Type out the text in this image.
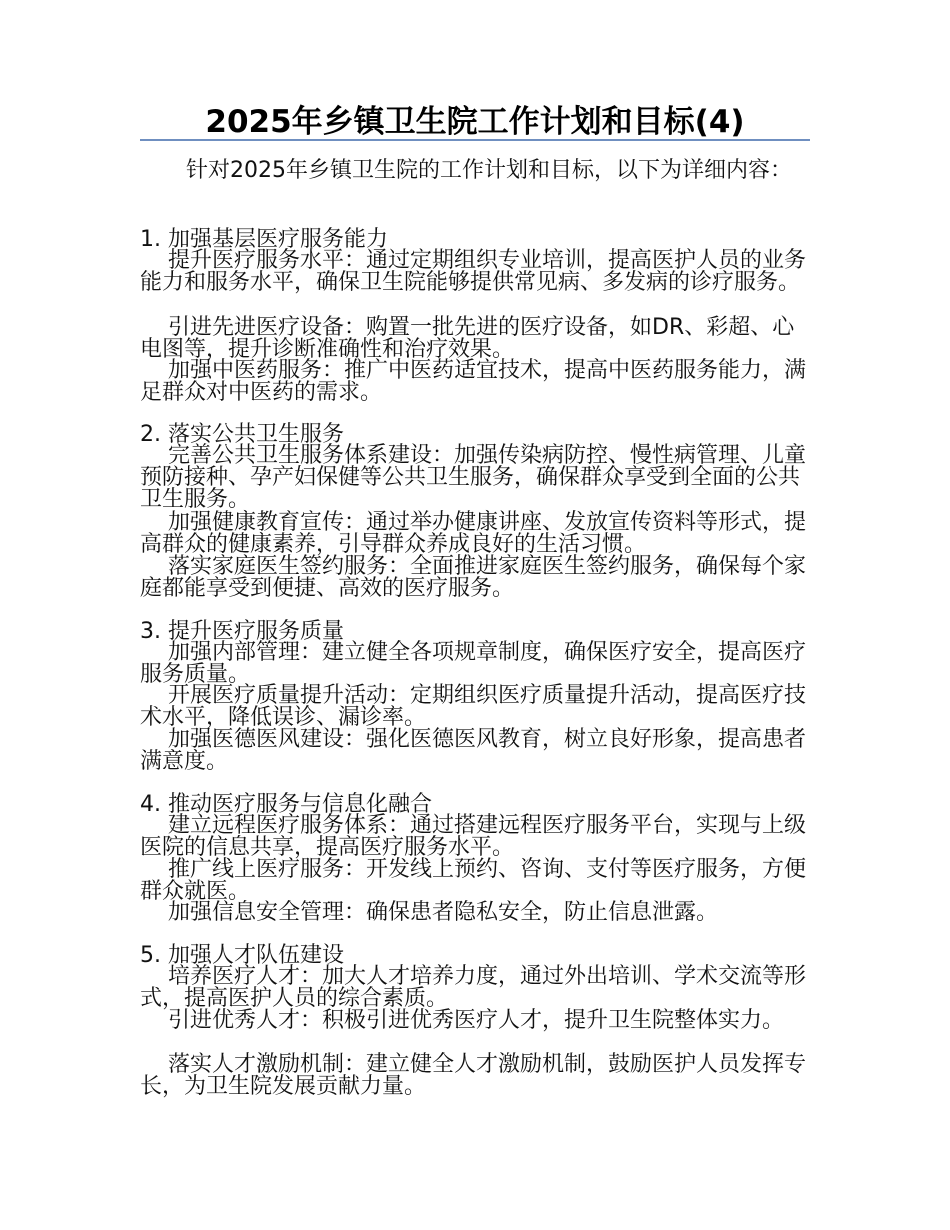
2025年乡镇卫生院工作计划和目标(4)
针对2025年乡镇卫生院的工作计划和目标，以下为详细内容：
1. 加强基层医疗服务能力
提升医疗服务水平：通过定期组织专业培训，提高医护人员的业务能力和服务水平，确保卫生院能够提供常见病、多发病的诊疗服务。
引进先进医疗设备：购置一批先进的医疗设备，如DR、彩超、心电图等，提升诊断准确性和治疗效果。
加强中医药服务：推广中医药适宜技术，提高中医药服务能力，满足群众对中医药的需求。
2. 落实公共卫生服务
完善公共卫生服务体系建设：加强传染病防控、慢性病管理、儿童预防接种、孕产妇保健等公共卫生服务，确保群众享受到全面的公共卫生服务。
加强健康教育宣传：通过举办健康讲座、发放宣传资料等形式，提高群众的健康素养，引导群众养成良好的生活习惯。
落实家庭医生签约服务：全面推进家庭医生签约服务，确保每个家庭都能享受到便捷、高效的医疗服务。
3. 提升医疗服务质量
加强内部管理：建立健全各项规章制度，确保医疗安全，提高医疗服务质量。
开展医疗质量提升活动：定期组织医疗质量提升活动，提高医疗技术水平，降低误诊、漏诊率。
加强医德医风建设：强化医德医风教育，树立良好形象，提高患者满意度。
4. 推动医疗服务与信息化融合
建立远程医疗服务体系：通过搭建远程医疗服务平台，实现与上级医院的信息共享，提高医疗服务水平。
推广线上医疗服务：开发线上预约、咨询、支付等医疗服务，方便群众就医。
加强信息安全管理：确保患者隐私安全，防止信息泄露。
5. 加强人才队伍建设
培养医疗人才：加大人才培养力度，通过外出培训、学术交流等形式，提高医护人员的综合素质。
引进优秀人才：积极引进优秀医疗人才，提升卫生院整体实力。
落实人才激励机制：建立健全人才激励机制，鼓励医护人员发挥专长，为卫生院发展贡献力量。
